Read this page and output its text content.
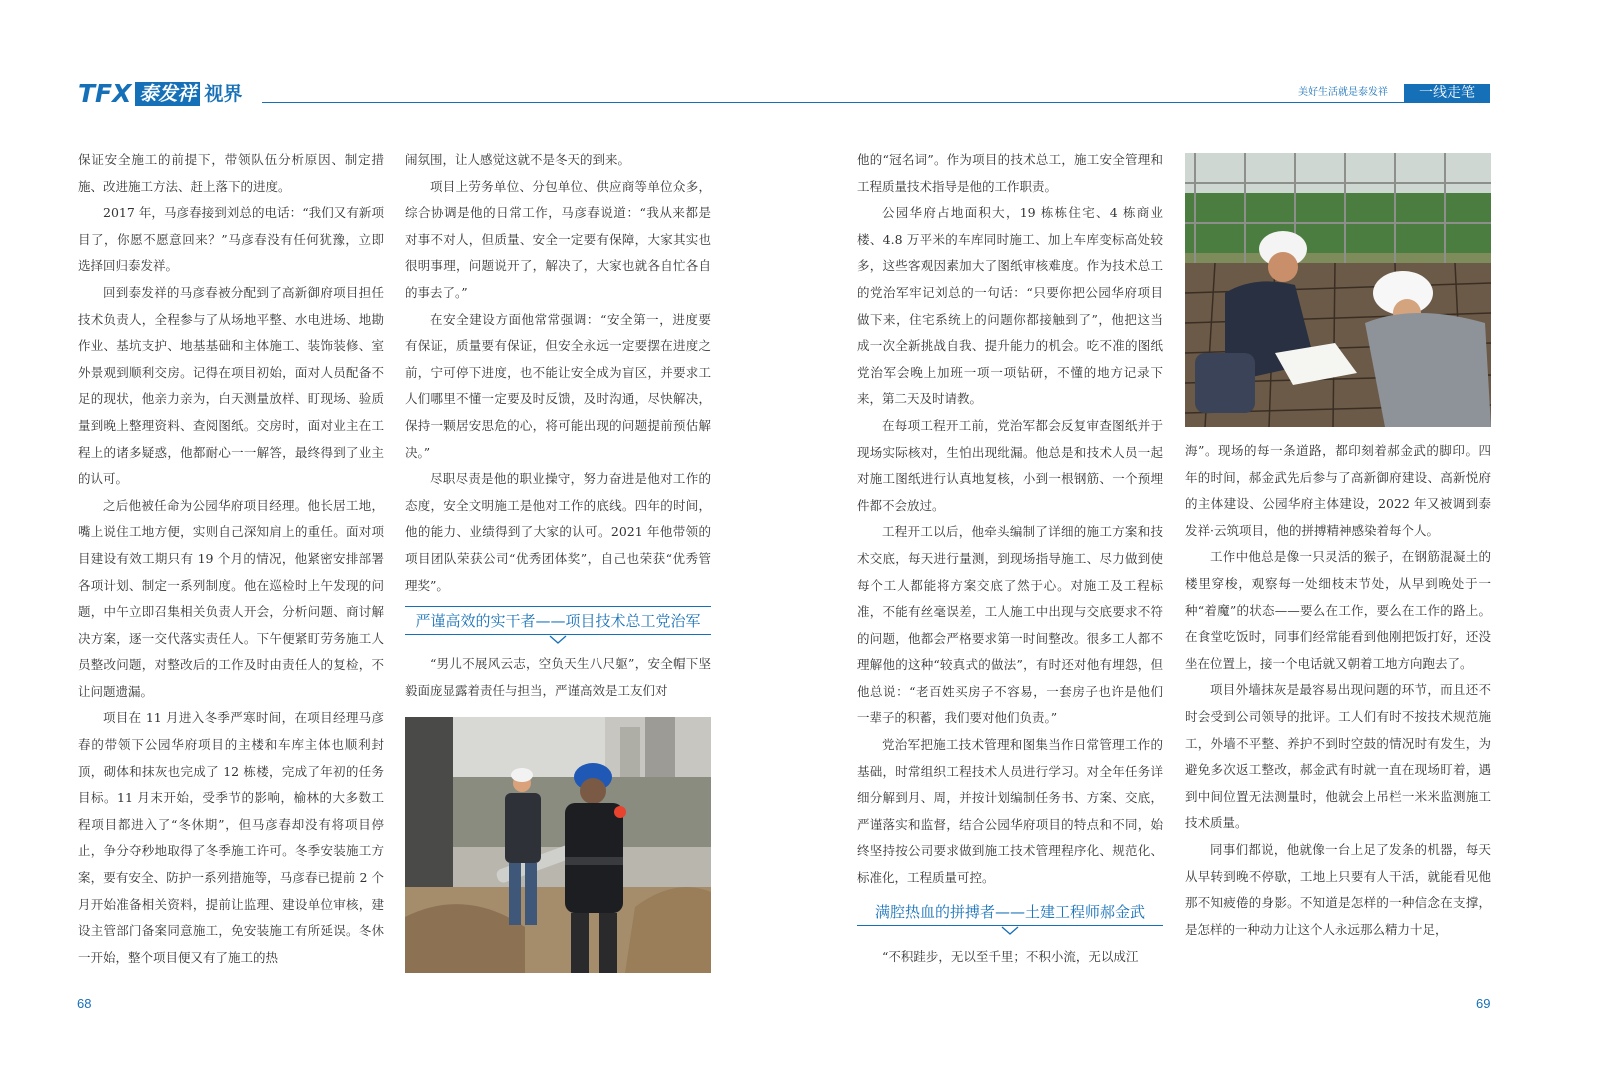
TFX 泰发祥 视界	美好生活就是泰发祥	一线走笔

保证安全施工的前提下，带领队伍分析原因、制定措施、改进施工方法、赶上落下的进度。

2017 年，马彦春接到刘总的电话：“我们又有新项目了，你愿不愿意回来？”马彦春没有任何犹豫，立即选择回归泰发祥。

回到泰发祥的马彦春被分配到了高新御府项目担任技术负责人，全程参与了从场地平整、水电进场、地勘作业、基坑支护、地基基础和主体施工、装饰装修、室外景观到顺利交房。记得在项目初始，面对人员配备不足的现状，他亲力亲为，白天测量放样、盯现场、验质量到晚上整理资料、查阅图纸。交房时，面对业主在工程上的诸多疑惑，他都耐心一一解答，最终得到了业主的认可。

之后他被任命为公园华府项目经理。他长居工地，嘴上说住工地方便，实则自己深知肩上的重任。面对项目建设有效工期只有 19 个月的情况，他紧密安排部署各项计划、制定一系列制度。他在巡检时上午发现的问题，中午立即召集相关负责人开会，分析问题、商讨解决方案，逐一交代落实责任人。下午便紧盯劳务施工人员整改问题，对整改后的工作及时由责任人的复检，不让问题遗漏。

项目在 11 月进入冬季严寒时间，在项目经理马彦春的带领下公园华府项目的主楼和车库主体也顺利封顶，砌体和抹灰也完成了 12 栋楼，完成了年初的任务目标。11 月末开始，受季节的影响，榆林的大多数工程项目都进入了“冬休期”，但马彦春却没有将项目停止，争分夺秒地取得了冬季施工许可。冬季安装施工方案，要有安全、防护一系列措施等，马彦春已提前 2 个月开始准备相关资料，提前让监理、建设单位审核，建设主管部门备案同意施工，免安装施工有所延误。冬休一开始，整个项目便又有了施工的热

闹氛围，让人感觉这就不是冬天的到来。

项目上劳务单位、分包单位、供应商等单位众多，综合协调是他的日常工作，马彦春说道：“我从来都是对事不对人，但质量、安全一定要有保障，大家其实也很明事理，问题说开了，解决了，大家也就各自忙各自的事去了。”

在安全建设方面他常常强调：“安全第一，进度要有保证，质量要有保证，但安全永远一定要摆在进度之前，宁可停下进度，也不能让安全成为盲区，并要求工人们哪里不懂一定要及时反馈，及时沟通，尽快解决，保持一颗居安思危的心，将可能出现的问题提前预估解决。”

尽职尽责是他的职业操守，努力奋进是他对工作的态度，安全文明施工是他对工作的底线。四年的时间，他的能力、业绩得到了大家的认可。2021 年他带领的项目团队荣获公司“优秀团体奖”，自己也荣获“优秀管理奖”。

严谨高效的实干者——项目技术总工党治军

“男儿不展风云志，空负天生八尺躯”，安全帽下坚毅面庞显露着责任与担当，严谨高效是工友们对

他的“冠名词”。作为项目的技术总工，施工安全管理和工程质量技术指导是他的工作职责。

公园华府占地面积大，19 栋栋住宅、4 栋商业楼、4.8 万平米的车库同时施工、加上车库变标高处较多，这些客观因素加大了图纸审核难度。作为技术总工的党治军牢记刘总的一句话：“只要你把公园华府项目做下来，住宅系统上的问题你都接触到了”，他把这当成一次全新挑战自我、提升能力的机会。吃不准的图纸党治军会晚上加班一项一项钻研，不懂的地方记录下来，第二天及时请教。

在每项工程开工前，党治军都会反复审查图纸并于现场实际核对，生怕出现纰漏。他总是和技术人员一起对施工图纸进行认真地复核，小到一根钢筋、一个预埋件都不会放过。

工程开工以后，他牵头编制了详细的施工方案和技术交底，每天进行量测，到现场指导施工、尽力做到使每个工人都能将方案交底了然于心。对施工及工程标准，不能有丝毫误差，工人施工中出现与交底要求不符的问题，他都会严格要求第一时间整改。很多工人都不理解他的这种“较真式的做法”，有时还对他有埋怨，但他总说：“老百姓买房子不容易，一套房子也许是他们一辈子的积蓄，我们要对他们负责。”

党治军把施工技术管理和图集当作日常管理工作的基础，时常组织工程技术人员进行学习。对全年任务详细分解到月、周，并按计划编制任务书、方案、交底，严谨落实和监督，结合公园华府项目的特点和不同，始终坚持按公司要求做到施工技术管理程序化、规范化、标准化，工程质量可控。

满腔热血的拼搏者——土建工程师郝金武

“不积跬步，无以至千里；不积小流，无以成江

海”。现场的每一条道路，都印刻着郝金武的脚印。四年的时间，郝金武先后参与了高新御府建设、高新悦府的主体建设、公园华府主体建设，2022 年又被调到泰发祥·云筑项目，他的拼搏精神感染着每个人。

工作中他总是像一只灵活的猴子，在钢筋混凝土的楼里穿梭，观察每一处细枝末节处，从早到晚处于一种“着魔”的状态——要么在工作，要么在工作的路上。在食堂吃饭时，同事们经常能看到他刚把饭打好，还没坐在位置上，接一个电话就又朝着工地方向跑去了。

项目外墙抹灰是最容易出现问题的环节，而且还不时会受到公司领导的批评。工人们有时不按技术规范施工，外墙不平整、养护不到时空鼓的情况时有发生，为避免多次返工整改，郝金武有时就一直在现场盯着，遇到中间位置无法测量时，他就会上吊栏一米米监测施工技术质量。

同事们都说，他就像一台上足了发条的机器，每天从早转到晚不停歇，工地上只要有人干活，就能看见他那不知疲倦的身影。不知道是怎样的一种信念在支撑，是怎样的一种动力让这个人永远那么精力十足，

68	69
